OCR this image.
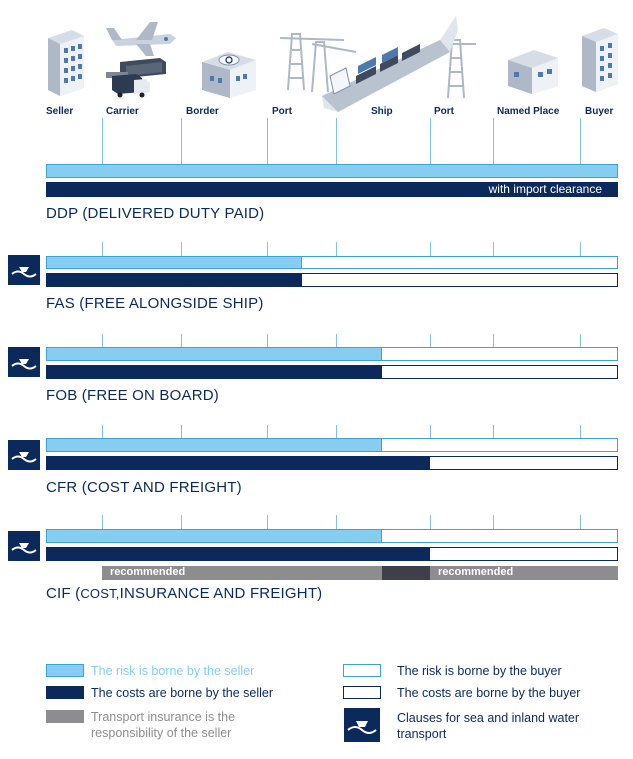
Seller	Carrier	Border	Port	Ship	Port	Named Place	Buyer
with import clearance
DDP (DELIVERED DUTY PAID)
FAS (FREE ALONGSIDE SHIP)
FOB (FREE ON BOARD)
CFR (COST AND FREIGHT)
recommended	recommended
CIF (COST,INSURANCE AND FREIGHT)
The risk is borne by the seller
The costs are borne by the seller
Transport insurance is the responsibility of the seller
The risk is borne by the buyer
The costs are borne by the buyer
Clauses for sea and inland water transport
